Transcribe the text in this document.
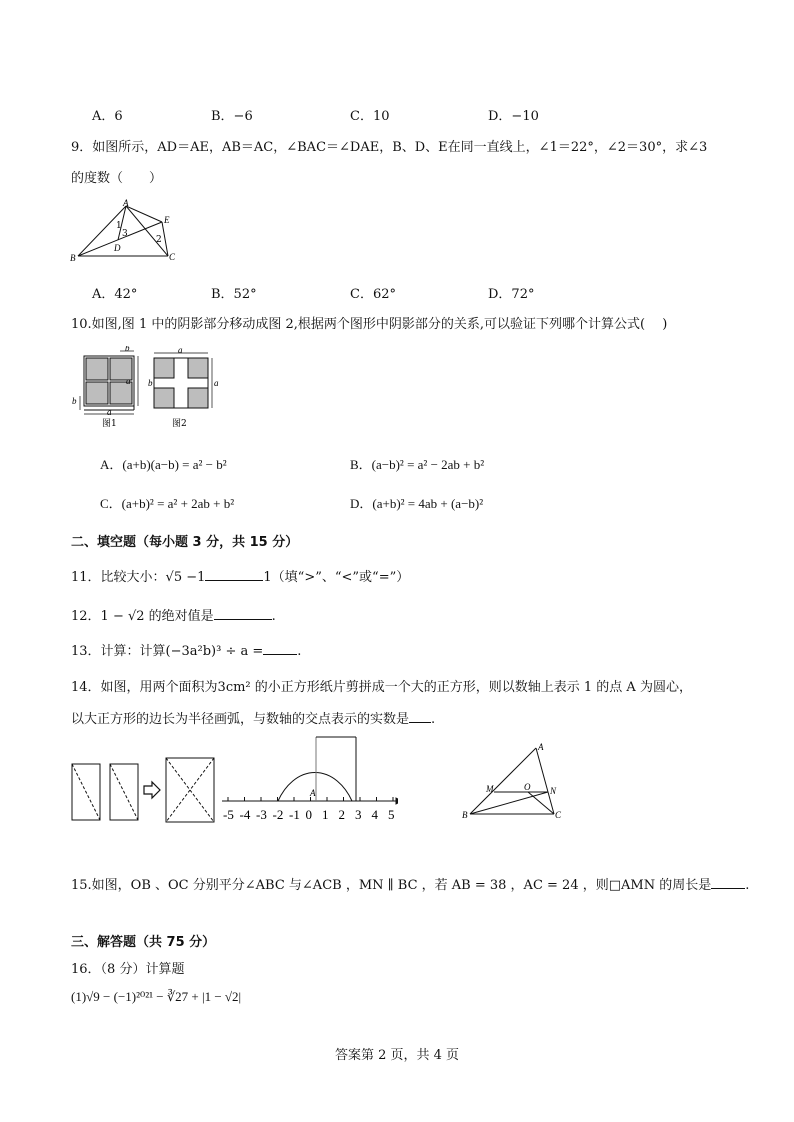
A．6	B．−6	C．10	D．−10
9．如图所示，AD＝AE，AB＝AC，∠BAC＝∠DAE，B、D、E在同一直线上，∠1＝22°，∠2＝30°，求∠3
的度数（　　）
A
E
B	C
D
1
2
3
A．42°	B．52°	C．62°	D．72°
10.如图,图 1 中的阴影部分移动成图 2,根据两个图形中阴影部分的关系,可以验证下列哪个计算公式(　 )
b
b
a
a
图1
a
a
b
图2
A．(a+b)(a−b) = a² − b²	B．(a−b)² = a² − 2ab + b²
C．(a+b)² = a² + 2ab + b²	D．(a+b)² = 4ab + (a−b)²
二、填空题（每小题 3 分，共 15 分）
11．比较大小：√5 −1	1（填“>”、“<”或“=”）
12．1 − √2 的绝对值是	.
13．计算：计算(−3a²b)³ ÷ a =	.
14．如图，用两个面积为3cm² 的小正方形纸片剪拼成一个大的正方形，则以数轴上表示 1 的点 A 为圆心，
以大正方形的边长为半径画弧，与数轴的交点表示的实数是 .
-5 -4 -3 -2 -1 0 1 2 3 4 5
A
A
M	O N
B	C
15.如图，OB 、OC 分别平分∠ABC 与∠ACB ，MN ∥ BC ，若 AB = 38 ，AC = 24 ，则□AMN 的周长是	.
三、解答题（共 75 分）
16．（8 分）计算题
(1)√9 − (−1)²⁰²¹ − ∛27 + |1 − √2|
答案第 2 页，共 4 页
